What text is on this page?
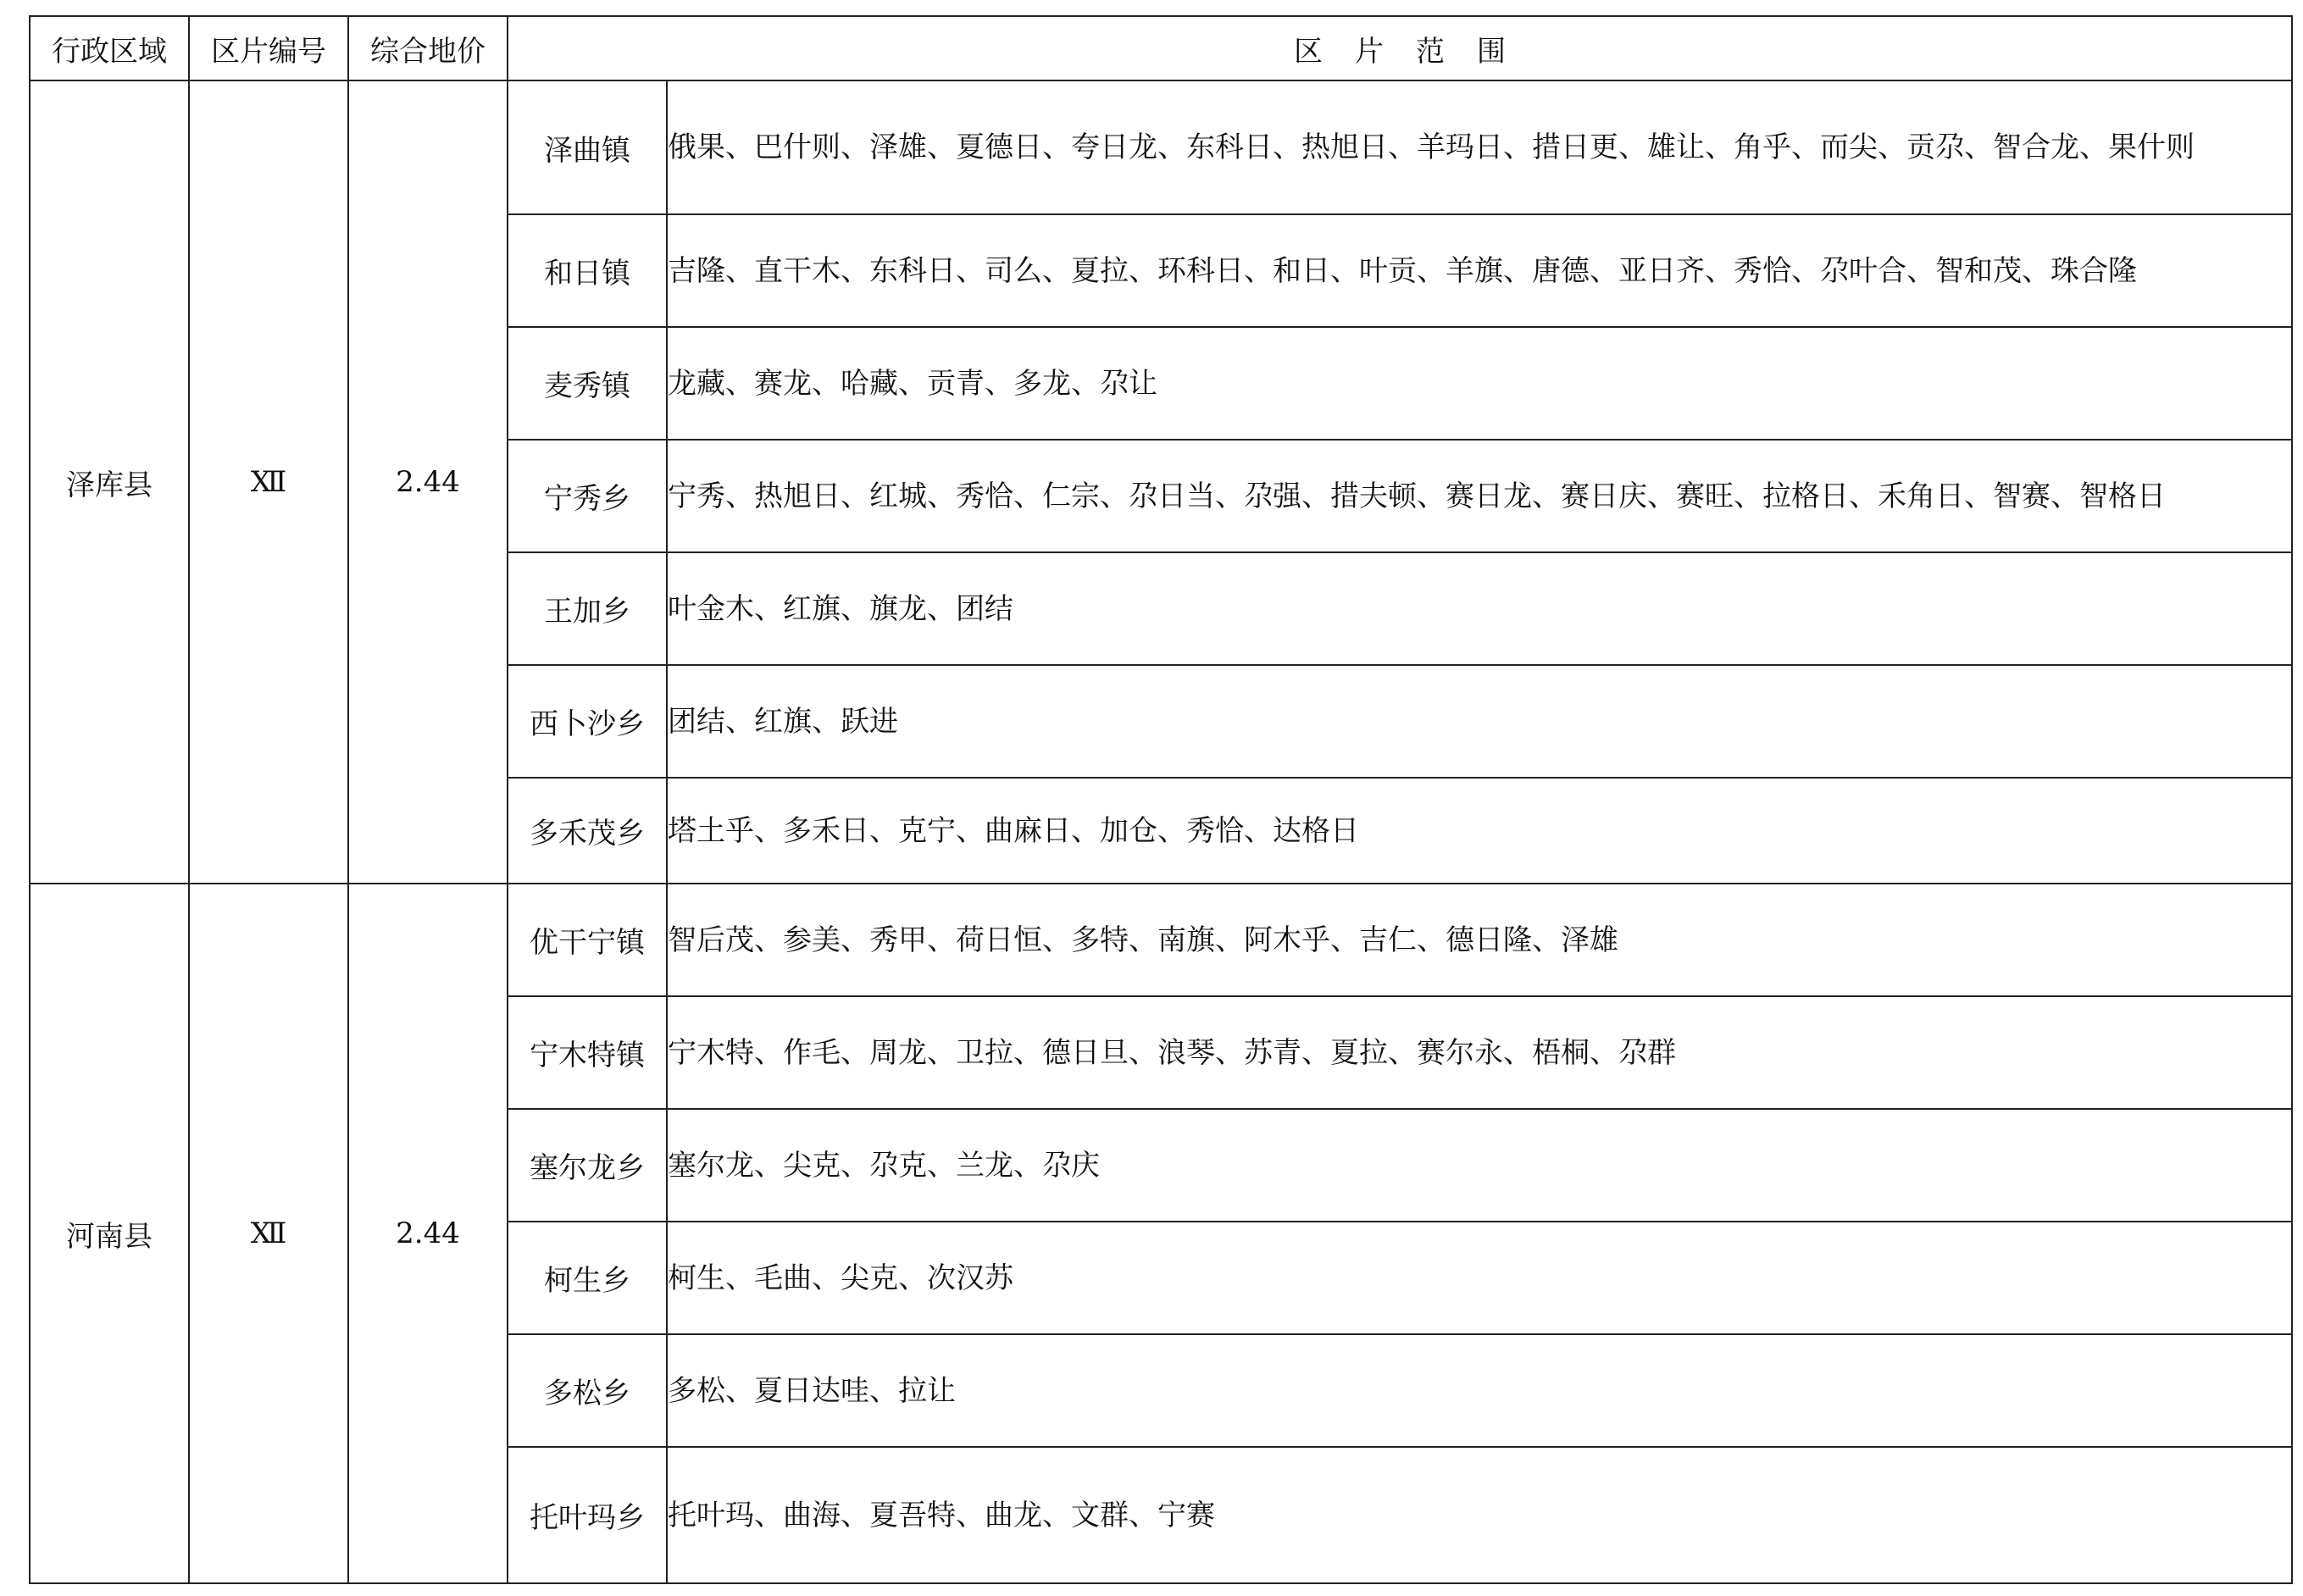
行政区域	区片编号	综合地价	区片范围	
泽库县	Ⅻ	2.44	泽曲镇	俄果、巴什则、泽雄、夏德日、夸日龙、东科日、热旭日、羊玛日、措日更、雄让、角乎、而尖、贡尕、智合龙、果什则
			和日镇	吉隆、直干木、东科日、司么、夏拉、环科日、和日、叶贡、羊旗、唐德、亚日齐、秀恰、尕叶合、智和茂、珠合隆
			麦秀镇	龙藏、赛龙、哈藏、贡青、多龙、尕让
			宁秀乡	宁秀、热旭日、红城、秀恰、仁宗、尕日当、尕强、措夫顿、赛日龙、赛日庆、赛旺、拉格日、禾角日、智赛、智格日
			王加乡	叶金木、红旗、旗龙、团结
			西卜沙乡	团结、红旗、跃进
			多禾茂乡	塔土乎、多禾日、克宁、曲麻日、加仓、秀恰、达格日
河南县	Ⅻ	2.44	优干宁镇	智后茂、参美、秀甲、荷日恒、多特、南旗、阿木乎、吉仁、德日隆、泽雄
			宁木特镇	宁木特、作毛、周龙、卫拉、德日旦、浪琴、苏青、夏拉、赛尔永、梧桐、尕群
			塞尔龙乡	塞尔龙、尖克、尕克、兰龙、尕庆
			柯生乡	柯生、毛曲、尖克、次汉苏
			多松乡	多松、夏日达哇、拉让
			托叶玛乡	托叶玛、曲海、夏吾特、曲龙、文群、宁赛
